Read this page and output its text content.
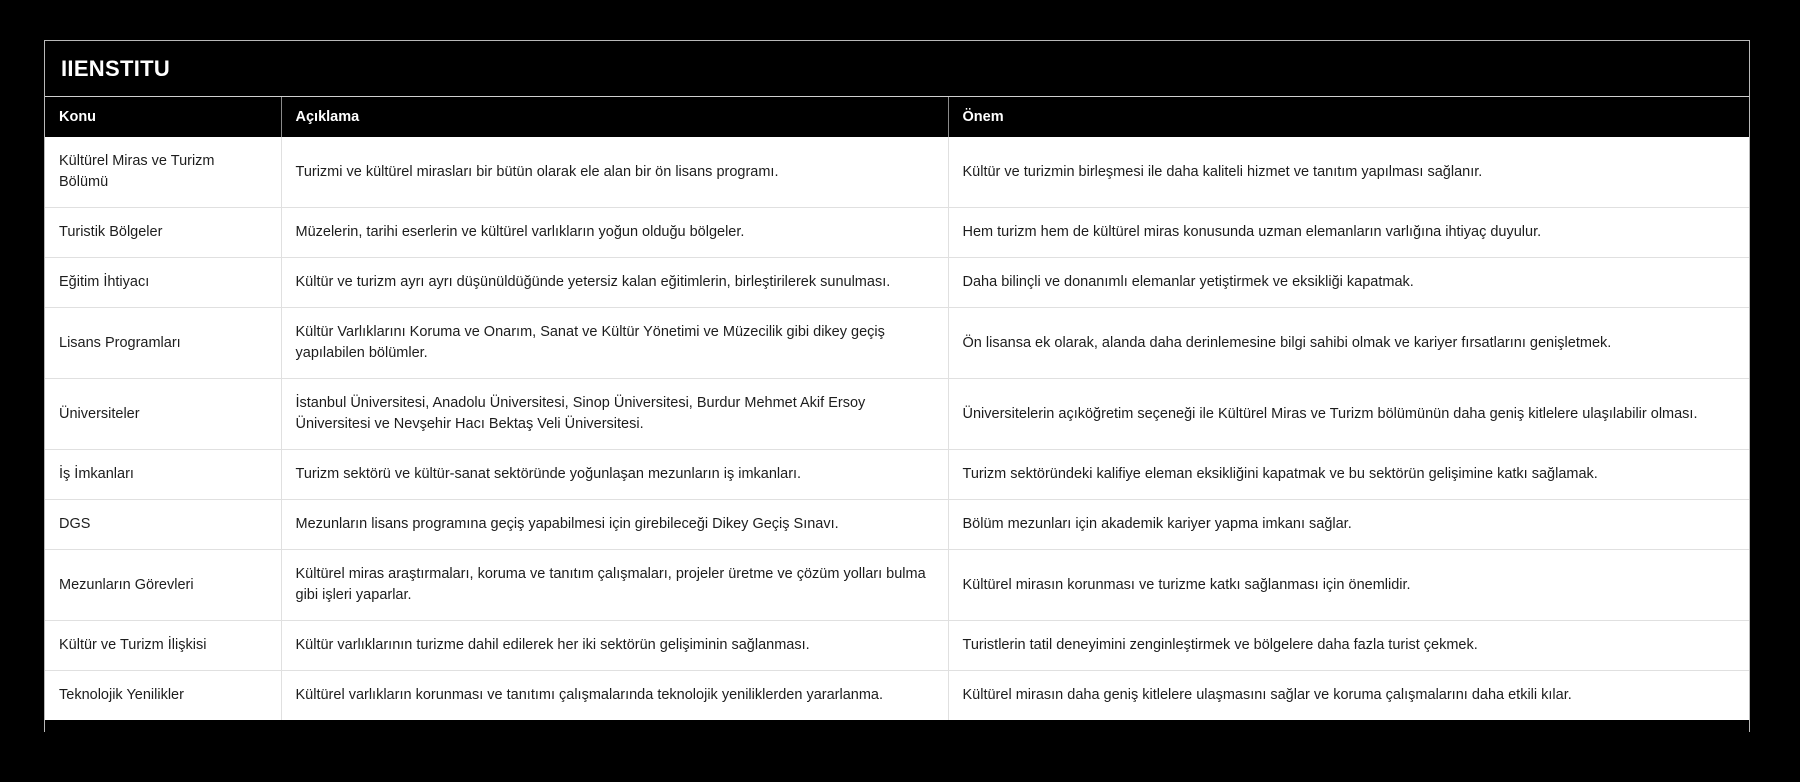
IIENSTITU
Konu	Açıklama	Önem
Kültürel Miras ve Turizm Bölümü	Turizmi ve kültürel mirasları bir bütün olarak ele alan bir ön lisans programı.	Kültür ve turizmin birleşmesi ile daha kaliteli hizmet ve tanıtım yapılması sağlanır.
Turistik Bölgeler	Müzelerin, tarihi eserlerin ve kültürel varlıkların yoğun olduğu bölgeler.	Hem turizm hem de kültürel miras konusunda uzman elemanların varlığına ihtiyaç duyulur.
Eğitim İhtiyacı	Kültür ve turizm ayrı ayrı düşünüldüğünde yetersiz kalan eğitimlerin, birleştirilerek sunulması.	Daha bilinçli ve donanımlı elemanlar yetiştirmek ve eksikliği kapatmak.
Lisans Programları	Kültür Varlıklarını Koruma ve Onarım, Sanat ve Kültür Yönetimi ve Müzecilik gibi dikey geçiş yapılabilen bölümler.	Ön lisansa ek olarak, alanda daha derinlemesine bilgi sahibi olmak ve kariyer fırsatlarını genişletmek.
Üniversiteler	İstanbul Üniversitesi, Anadolu Üniversitesi, Sinop Üniversitesi, Burdur Mehmet Akif Ersoy Üniversitesi ve Nevşehir Hacı Bektaş Veli Üniversitesi.	Üniversitelerin açıköğretim seçeneği ile Kültürel Miras ve Turizm bölümünün daha geniş kitlelere ulaşılabilir olması.
İş İmkanları	Turizm sektörü ve kültür-sanat sektöründe yoğunlaşan mezunların iş imkanları.	Turizm sektöründeki kalifiye eleman eksikliğini kapatmak ve bu sektörün gelişimine katkı sağlamak.
DGS	Mezunların lisans programına geçiş yapabilmesi için girebileceği Dikey Geçiş Sınavı.	Bölüm mezunları için akademik kariyer yapma imkanı sağlar.
Mezunların Görevleri	Kültürel miras araştırmaları, koruma ve tanıtım çalışmaları, projeler üretme ve çözüm yolları bulma gibi işleri yaparlar.	Kültürel mirasın korunması ve turizme katkı sağlanması için önemlidir.
Kültür ve Turizm İlişkisi	Kültür varlıklarının turizme dahil edilerek her iki sektörün gelişiminin sağlanması.	Turistlerin tatil deneyimini zenginleştirmek ve bölgelere daha fazla turist çekmek.
Teknolojik Yenilikler	Kültürel varlıkların korunması ve tanıtımı çalışmalarında teknolojik yeniliklerden yararlanma.	Kültürel mirasın daha geniş kitlelere ulaşmasını sağlar ve koruma çalışmalarını daha etkili kılar.
